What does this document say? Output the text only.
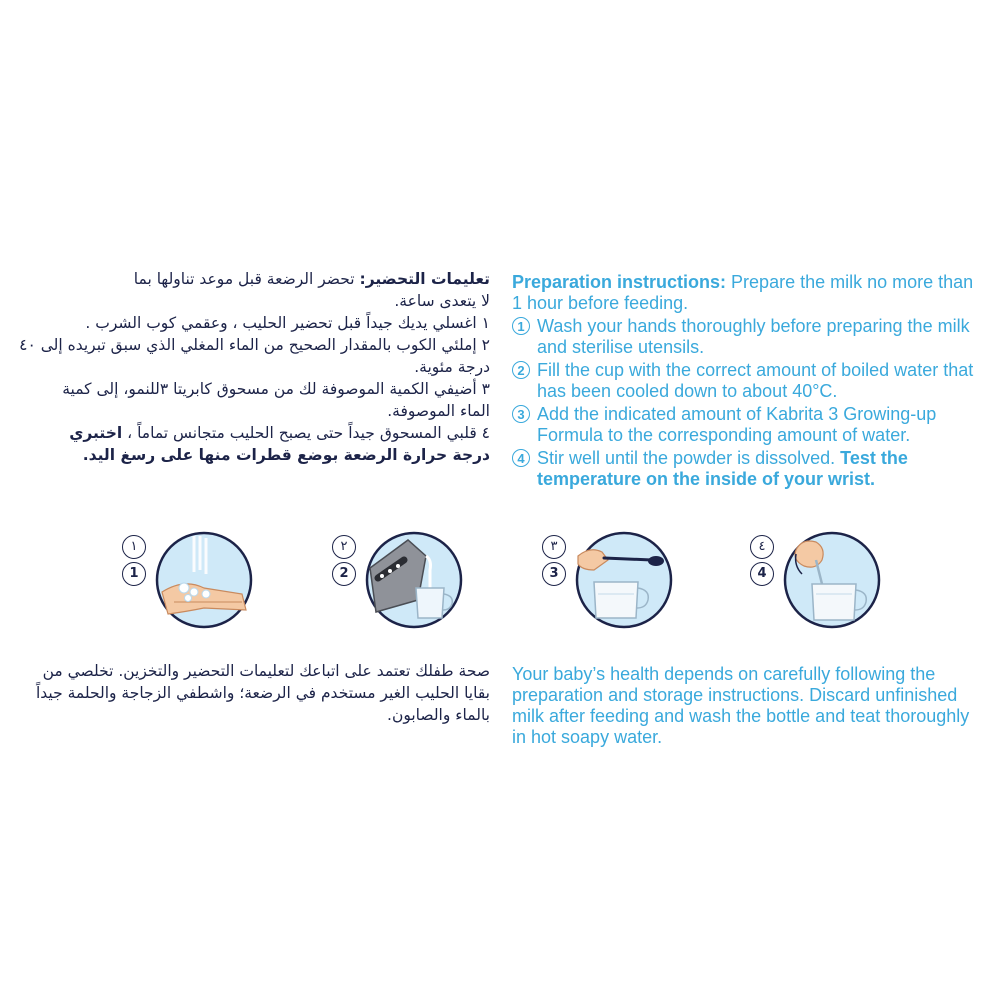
تعليمات التحضير: تحضر الرضعة قبل موعد تناولها بما
لا يتعدى ساعة.
١ اغسلي يديك جيداً قبل تحضير الحليب ، وعقمي كوب الشرب .
٢ إملئي الكوب بالمقدار الصحيح من الماء المغلي الذي سبق تبريده إلى ٤٠
درجة مئوية.
٣ أضيفي الكمية الموصوفة لك من مسحوق كابريتا ٣للنمو، إلى كمية
الماء الموصوفة.
٤ قلبي المسحوق جيداً حتى يصبح الحليب متجانس تماماً ، اختبري
درجة حرارة الرضعة بوضع قطرات منها على رسغ اليد.
Preparation instructions: Prepare the milk no more than 1 hour before feeding.
1 Wash your hands thoroughly before preparing the milk and sterilise utensils.
2 Fill the cup with the correct amount of boiled water that has been cooled down to about 40°C.
3 Add the indicated amount of Kabrita 3 Growing-up Formula to the corresponding amount of water.
4 Stir well until the powder is dissolved. Test the temperature on the inside of your wrist.
١
1
٢
2
٣
3
٤
4
صحة طفلك تعتمد على اتباعك لتعليمات التحضير والتخزين. تخلصي من
بقايا الحليب الغير مستخدم في الرضعة؛ واشطفي الزجاجة والحلمة جيداً
بالماء والصابون.
Your baby’s health depends on carefully following the preparation and storage instructions. Discard unfinished milk after feeding and wash the bottle and teat thoroughly in hot soapy water.
